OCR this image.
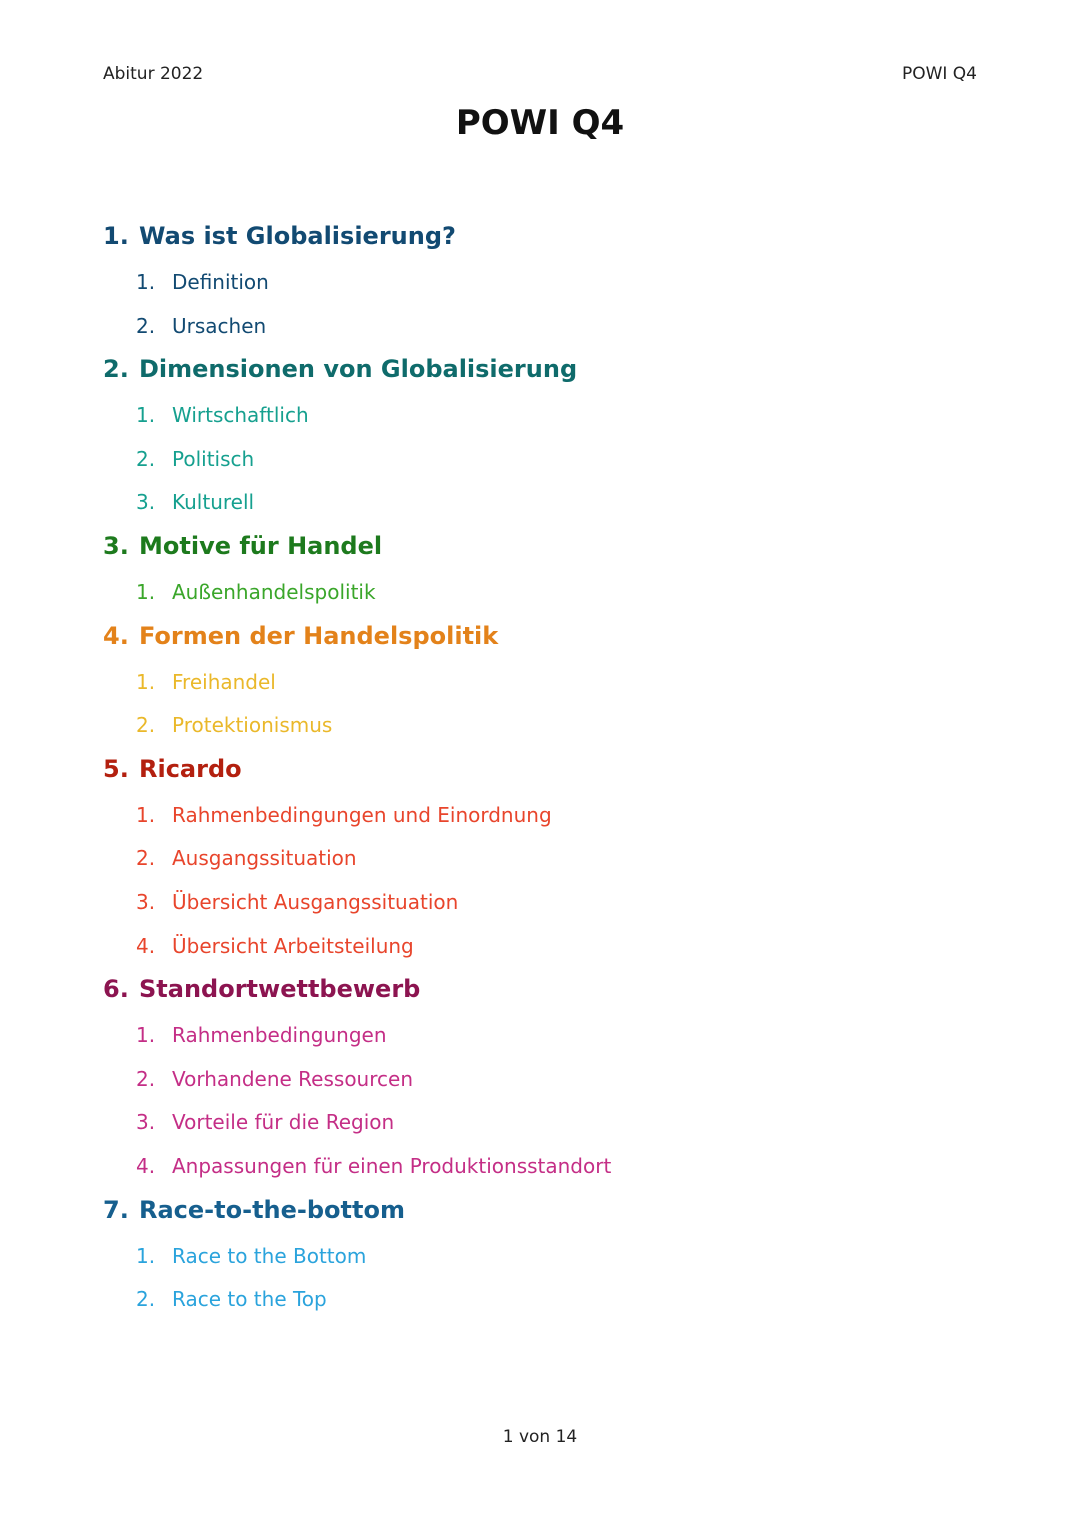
Abitur 2022	POWI Q4
POWI Q4
1. Was ist Globalisierung?
1. Definition
2. Ursachen
2. Dimensionen von Globalisierung
1. Wirtschaftlich
2. Politisch
3. Kulturell
3. Motive für Handel
1. Außenhandelspolitik
4. Formen der Handelspolitik
1. Freihandel
2. Protektionismus
5. Ricardo
1. Rahmenbedingungen und Einordnung
2. Ausgangssituation
3. Übersicht Ausgangssituation
4. Übersicht Arbeitsteilung
6. Standortwettbewerb
1. Rahmenbedingungen
2. Vorhandene Ressourcen
3. Vorteile für die Region
4. Anpassungen für einen Produktionsstandort
7. Race-to-the-bottom
1. Race to the Bottom
2. Race to the Top
1 von 14
